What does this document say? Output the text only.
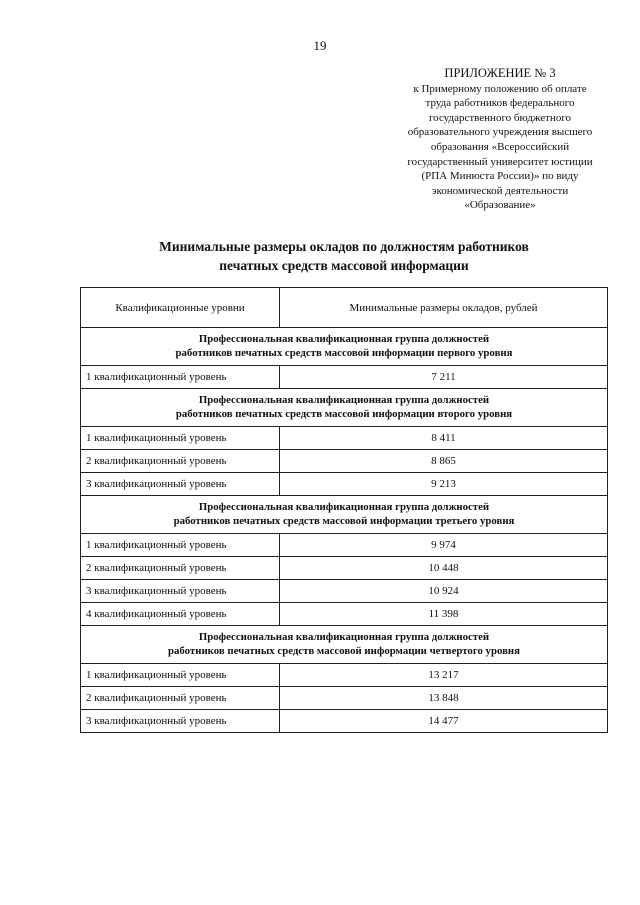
19
ПРИЛОЖЕНИЕ № 3
к Примерному положению об оплате
труда работников федерального
государственного бюджетного
образовательного учреждения высшего
образования «Всероссийский
государственный университет юстиции
(РПА Минюста России)» по виду
экономической деятельности
«Образование»
Минимальные размеры окладов по должностям работников
печатных средств массовой информации
Квалификационные уровни	Минимальные размеры окладов, рублей

Профессиональная квалификационная группа должностей
работников печатных средств массовой информации первого уровня	

1 квалификационный уровень	7 211

Профессиональная квалификационная группа должностей
работников печатных средств массовой информации второго уровня	

1 квалификационный уровень	8 411
2 квалификационный уровень	8 865
3 квалификационный уровень	9 213

Профессиональная квалификационная группа должностей
работников печатных средств массовой информации третьего уровня	

1 квалификационный уровень	9 974
2 квалификационный уровень	10 448
3 квалификационный уровень	10 924
4 квалификационный уровень	11 398

Профессиональная квалификационная группа должностей
работников печатных средств массовой информации четвертого уровня	

1 квалификационный уровень	13 217
2 квалификационный уровень	13 848
3 квалификационный уровень	14 477
